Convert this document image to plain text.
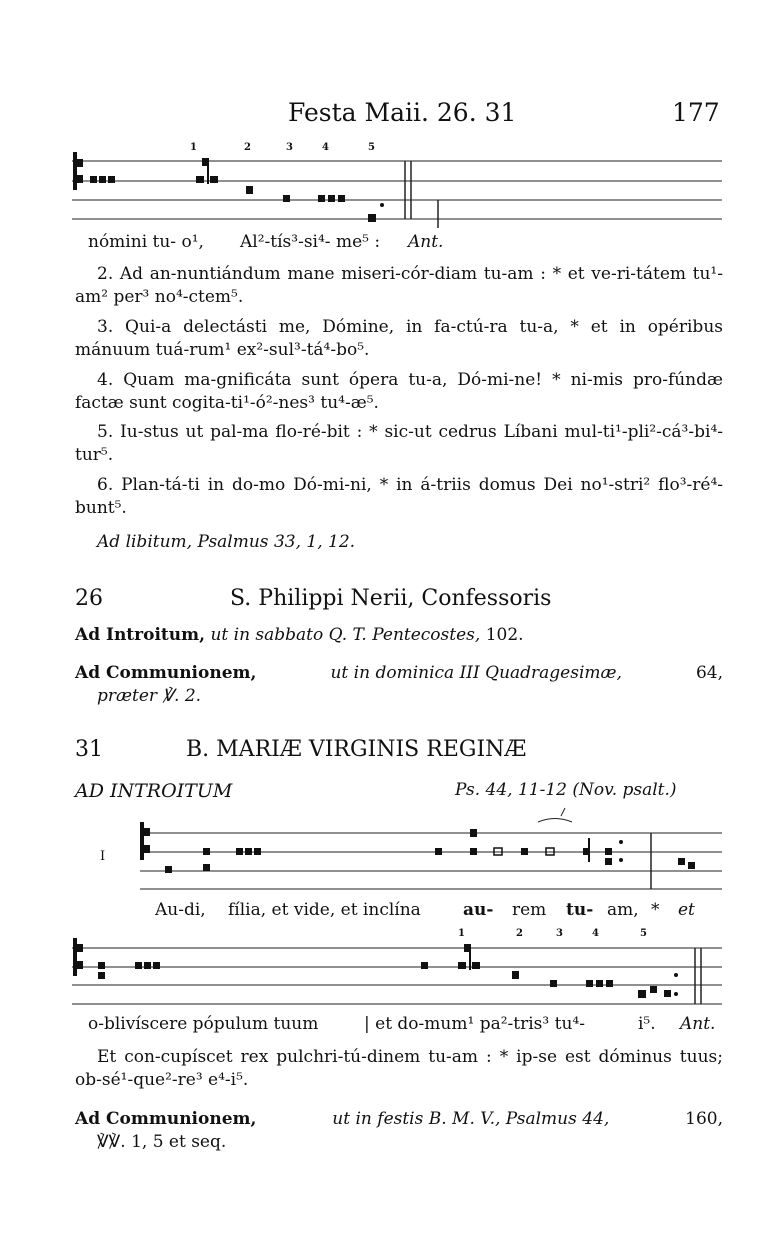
Festa Maii. 26. 31	177
1	2	3	4	5
nómini tu- o¹, Al²-tís³-si⁴- me⁵ : Ant.
2. Ad an-nuntiándum mane miseri-cór-diam tu-am : * et ve-ri-tátem tu¹-am² per³ no⁴-ctem⁵.
3. Qui-a delectásti me, Dómine, in fa-ctú-ra tu-a, * et in opéribus mánuum tuá-rum¹ ex²-sul³-tá⁴-bo⁵.
4. Quam ma-gnificáta sunt ópera tu-a, Dó-mi-ne! * ni-mis pro-fúndæ factæ sunt cogita-ti¹-ó²-nes³ tu⁴-æ⁵.
5. Iu-stus ut pal-ma flo-ré-bit : * sic-ut cedrus Líbani mul-ti¹-pli²-cá³-bi⁴-tur⁵.
6. Plan-tá-ti in do-mo Dó-mi-ni, * in á-triis domus Dei no¹-stri² flo³-ré⁴-bunt⁵.
Ad libitum, Psalmus 33, 1, 12.
26	S. Philippi Nerii, Confessoris
Ad Introitum, ut in sabbato Q. T. Pentecostes, 102.
Ad Communionem,	ut in dominica III Quadragesimæ,	64,
præter ℣. 2.
31	B. MARIÆ VIRGINIS REGINÆ
AD INTROITUM	Ps. 44, 11-12 (Nov. psalt.)
I
Au-di, fília, et vide, et inclína au- rem tu- am, * et
1	2	3	4	5
o-blivíscere pópulum tuum	| et do-mum¹ pa²-tris³ tu⁴-	i⁵. Ant.
Et con-cupíscet rex pulchri-tú-dinem tu-am : * ip-se est dóminus tuus; ob-sé¹-que²-re³ e⁴-i⁵.
Ad Communionem,	ut in festis B. M. V., Psalmus 44,	160,
℣℣. 1, 5 et seq.
